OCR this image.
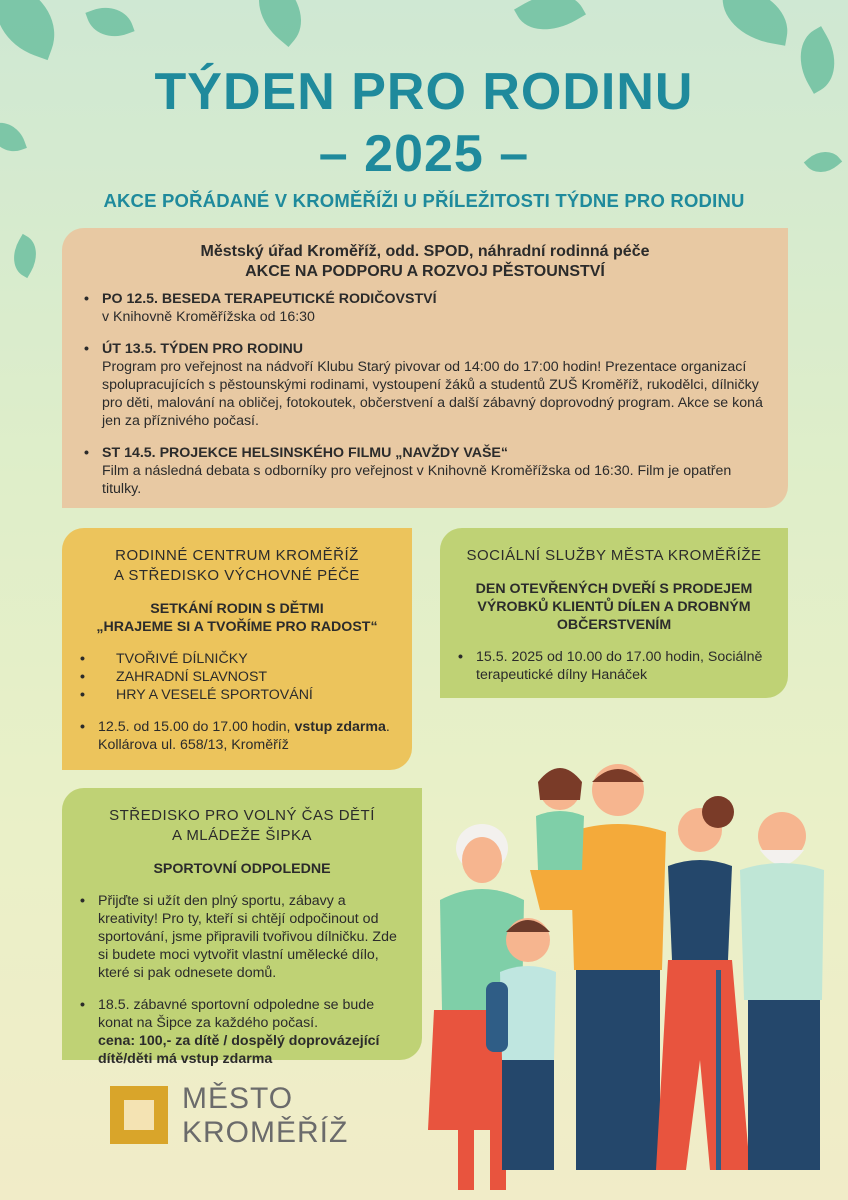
TÝDEN PRO RODINU
– 2025 –
AKCE POŘÁDANÉ V KROMĚŘÍŽI U PŘÍLEŽITOSTI TÝDNE PRO RODINU
Městský úřad Kroměříž, odd. SPOD, náhradní rodinná péče
AKCE NA PODPORU A ROZVOJ PĚSTOUNSTVÍ
• PO 12.5. BESEDA TERAPEUTICKÉ RODIČOVSTVÍ
v Knihovně Kroměřížska od 16:30
• ÚT 13.5. TÝDEN PRO RODINU
Program pro veřejnost na nádvoří Klubu Starý pivovar od 14:00 do 17:00 hodin! Prezentace organizací spolupracujících s pěstounskými rodinami, vystoupení žáků a studentů ZUŠ Kroměříž, rukodělci, dílničky pro děti, malování na obličej, fotokoutek, občerstvení a další zábavný doprovodný program. Akce se koná jen za příznivého počasí.
• ST 14.5. PROJEKCE HELSINSKÉHO FILMU „NAVŽDY VAŠE“
Film a následná debata s odborníky pro veřejnost v Knihovně Kroměřížska od 16:30. Film je opatřen titulky.
RODINNÉ CENTRUM KROMĚŘÍŽ
A STŘEDISKO VÝCHOVNÉ PÉČE
SETKÁNÍ RODIN S DĚTMI
„HRAJEME SI A TVOŘÍME PRO RADOST“
• TVOŘIVÉ DÍLNIČKY
• ZAHRADNÍ SLAVNOST
• HRY A VESELÉ SPORTOVÁNÍ
• 12.5. od 15.00 do 17.00 hodin, vstup zdarma.
Kollárova ul. 658/13, Kroměříž
SOCIÁLNÍ SLUŽBY MĚSTA KROMĚŘÍŽE
DEN OTEVŘENÝCH DVEŘÍ S PRODEJEM
VÝROBKŮ KLIENTŮ DÍLEN A DROBNÝM
OBČERSTVENÍM
• 15.5. 2025 od 10.00 do 17.00 hodin, Sociálně terapeutické dílny Hanáček
STŘEDISKO PRO VOLNÝ ČAS DĚTÍ
A MLÁDEŽE ŠIPKA
SPORTOVNÍ ODPOLEDNE
• Přijďte si užít den plný sportu, zábavy a kreativity! Pro ty, kteří si chtějí odpočinout od sportování, jsme připravili tvořivou dílničku. Zde si budete moci vytvořit vlastní umělecké dílo, které si pak odnesete domů.
• 18.5. zábavné sportovní odpoledne se bude konat na Šipce za každého počasí.
cena: 100,- za dítě / dospělý doprovázející dítě/děti má vstup zdarma
MĚSTO
KROMĚŘÍŽ
